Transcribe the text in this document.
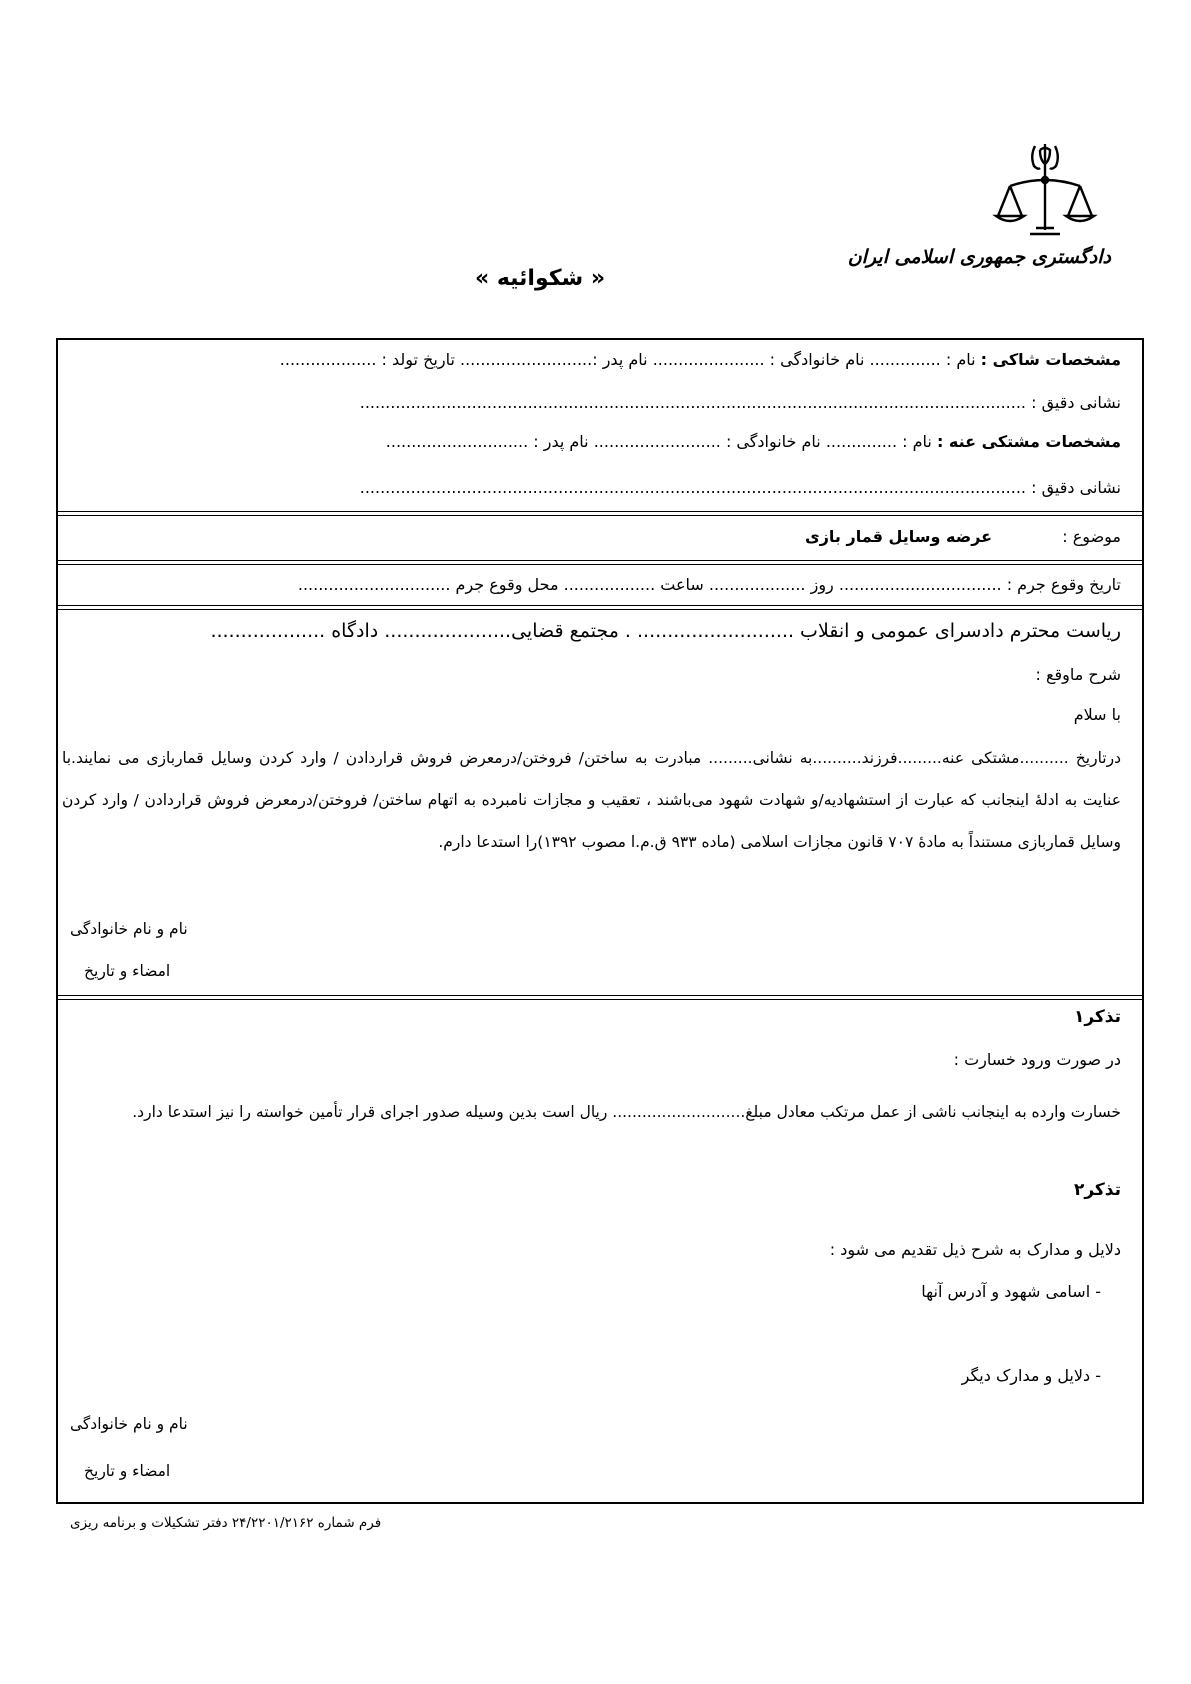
دادگستری جمهوری اسلامی ایران
« شکوائیه »
مشخصات شاکی : نام : .............. نام خانوادگی : ...................... نام پدر :.......................... تاریخ تولد : ...................
نشانی دقیق : ...................................................................................................................................
مشخصات مشتکی عنه : نام : .............. نام خانوادگی : ......................... نام پدر : ............................
نشانی دقیق : ...................................................................................................................................
موضوع :  عرضه وسایل قمار بازی
تاریخ وقوع جرم : ................................ روز ................... ساعت .................. محل وقوع جرم ..............................
ریاست محترم دادسرای عمومی و انقلاب .......................... . مجتمع قضایی..................... دادگاه ...................
شرح ماوقع :
با سلام
درتاریخ ..........مشتکی عنه.........فرزند..........به نشانی......... مبادرت به ساختن/ فروختن/درمعرض فروش قراردادن / وارد کردن وسایل قماربازی می نمایند.با عنایت به ادلهٔ اینجانب که عبارت از استشهادیه/و شهادت شهود می‌باشند ، تعقیب و مجازات نامبرده به اتهام ساختن/ فروختن/درمعرض فروش قراردادن / وارد کردن وسایل قماربازی مستنداً به مادهٔ ۷۰۷ قانون مجازات اسلامی (ماده ۹۳۳ ق.م.ا مصوب ۱۳۹۲)را استدعا دارم.
نام و نام خانوادگی
امضاء و تاریخ
تذکر۱
در صورت ورود خسارت :
خسارت وارده به اینجانب ناشی از عمل مرتکب معادل مبلغ........................... ریال است بدین وسیله صدور اجرای قرار تأمین خواسته را نیز استدعا دارد.
تذکر۲
دلایل و مدارک به شرح ذیل تقدیم می شود :
- اسامی شهود و آدرس آنها
- دلایل و مدارک دیگر
نام و نام خانوادگی
امضاء و تاریخ
فرم شماره ۲۴/۲۲۰۱/۲۱۶۲ دفتر تشکیلات و برنامه ریزی
